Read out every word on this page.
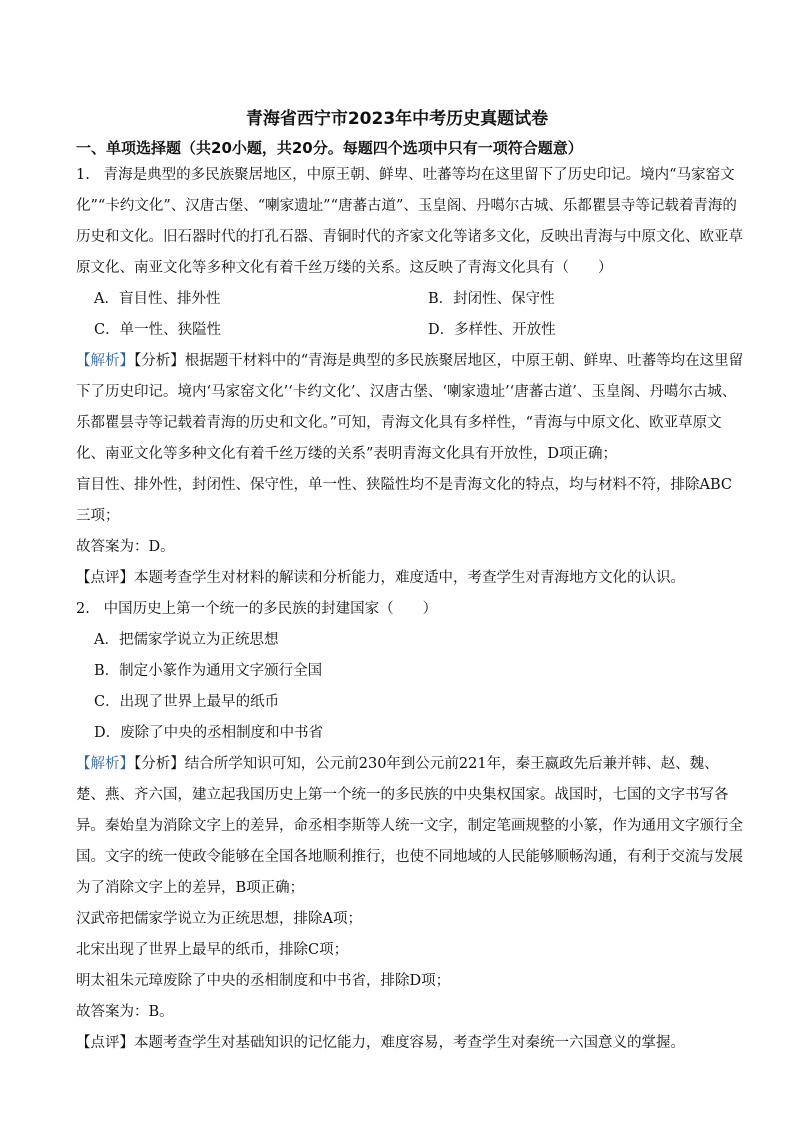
青海省西宁市2023年中考历史真题试卷
一、单项选择题（共20小题，共20分。每题四个选项中只有一项符合题意）

1. 青海是典型的多民族聚居地区，中原王朝、鲜卑、吐蕃等均在这里留下了历史印记。境内“马家窑文化”“卡约文化”、汉唐古堡、“喇家遗址”“唐蕃古道”、玉皇阁、丹噶尔古城、乐都瞿昙寺等记载着青海的历史和文化。旧石器时代的打孔石器、青铜时代的齐家文化等诸多文化，反映出青海与中原文化、欧亚草原文化、南亚文化等多种文化有着千丝万缕的关系。这反映了青海文化具有（　　）

A．盲目性、排外性	B．封闭性、保守性
C．单一性、狭隘性	D．多样性、开放性

【解析】【分析】根据题干材料中的“青海是典型的多民族聚居地区，中原王朝、鲜卑、吐蕃等均在这里留下了历史印记。境内‘马家窑文化’‘卡约文化’、汉唐古堡、‘喇家遗址’‘唐蕃古道’、玉皇阁、丹噶尔古城、乐都瞿昙寺等记载着青海的历史和文化。”可知，青海文化具有多样性，“青海与中原文化、欧亚草原文化、南亚文化等多种文化有着千丝万缕的关系”表明青海文化具有开放性，D项正确；

盲目性、排外性，封闭性、保守性，单一性、狭隘性均不是青海文化的特点，均与材料不符，排除ABC三项；

故答案为：D。

【点评】本题考查学生对材料的解读和分析能力，难度适中，考查学生对青海地方文化的认识。

2. 中国历史上第一个统一的多民族的封建国家（　　）

A．把儒家学说立为正统思想

B．制定小篆作为通用文字颁行全国

C．出现了世界上最早的纸币

D．废除了中央的丞相制度和中书省

【解析】【分析】结合所学知识可知，公元前230年到公元前221年，秦王嬴政先后兼并韩、赵、魏、楚、燕、齐六国，建立起我国历史上第一个统一的多民族的中央集权国家。战国时，七国的文字书写各异。秦始皇为消除文字上的差异，命丞相李斯等人统一文字，制定笔画规整的小篆，作为通用文字颁行全国。文字的统一使政令能够在全国各地顺利推行，也使不同地域的人民能够顺畅沟通，有利于交流与发展为了消除文字上的差异，B项正确；

汉武帝把儒家学说立为正统思想，排除A项；

北宋出现了世界上最早的纸币，排除C项；

明太祖朱元璋废除了中央的丞相制度和中书省，排除D项；

故答案为：B。

【点评】本题考查学生对基础知识的记忆能力，难度容易，考查学生对秦统一六国意义的掌握。
